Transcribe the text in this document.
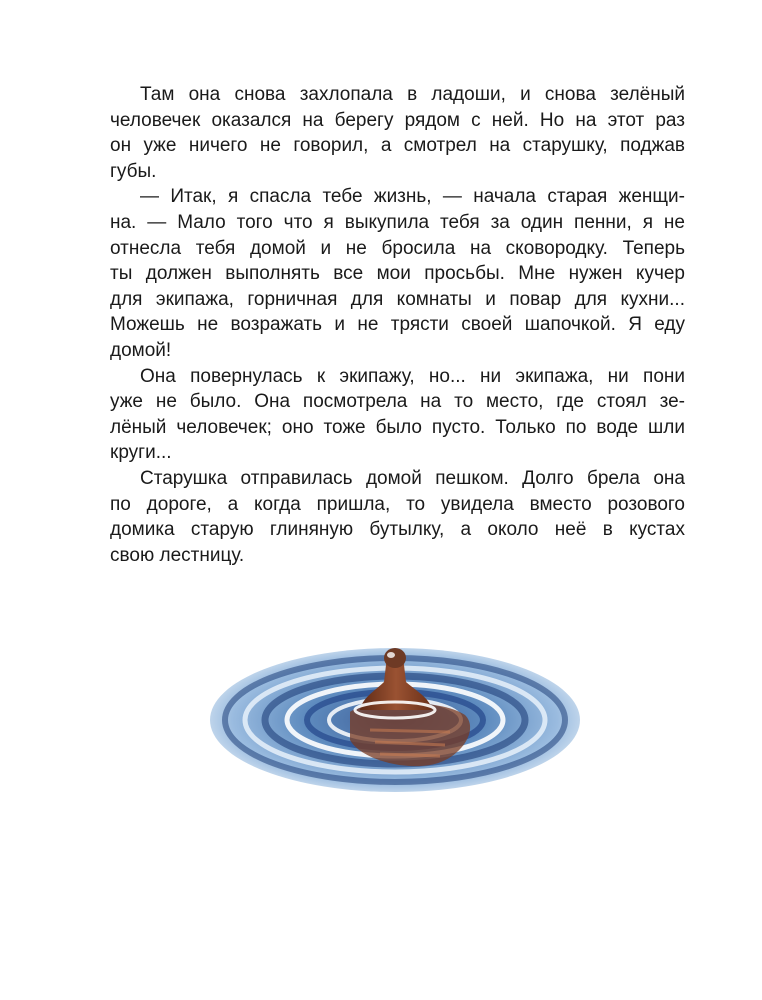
Там она снова захлопала в ладоши, и снова зелёный
человечек оказался на берегу рядом с ней. Но на этот раз
он уже ничего не говорил, а смотрел на старушку, поджав
губы.

— Итак, я спасла тебе жизнь, — начала старая женщи-
на. — Мало того что я выкупила тебя за один пенни, я не
отнесла тебя домой и не бросила на сковородку. Теперь
ты должен выполнять все мои просьбы. Мне нужен кучер
для экипажа, горничная для комнаты и повар для кухни...
Можешь не возражать и не трясти своей шапочкой. Я еду
домой!

Она повернулась к экипажу, но... ни экипажа, ни пони
уже не было. Она посмотрела на то место, где стоял зе-
лёный человечек; оно тоже было пусто. Только по воде шли
круги...

Старушка отправилась домой пешком. Долго брела она
по дороге, а когда пришла, то увидела вместо розового
домика старую глиняную бутылку, а около неё в кустах
свою лестницу.
